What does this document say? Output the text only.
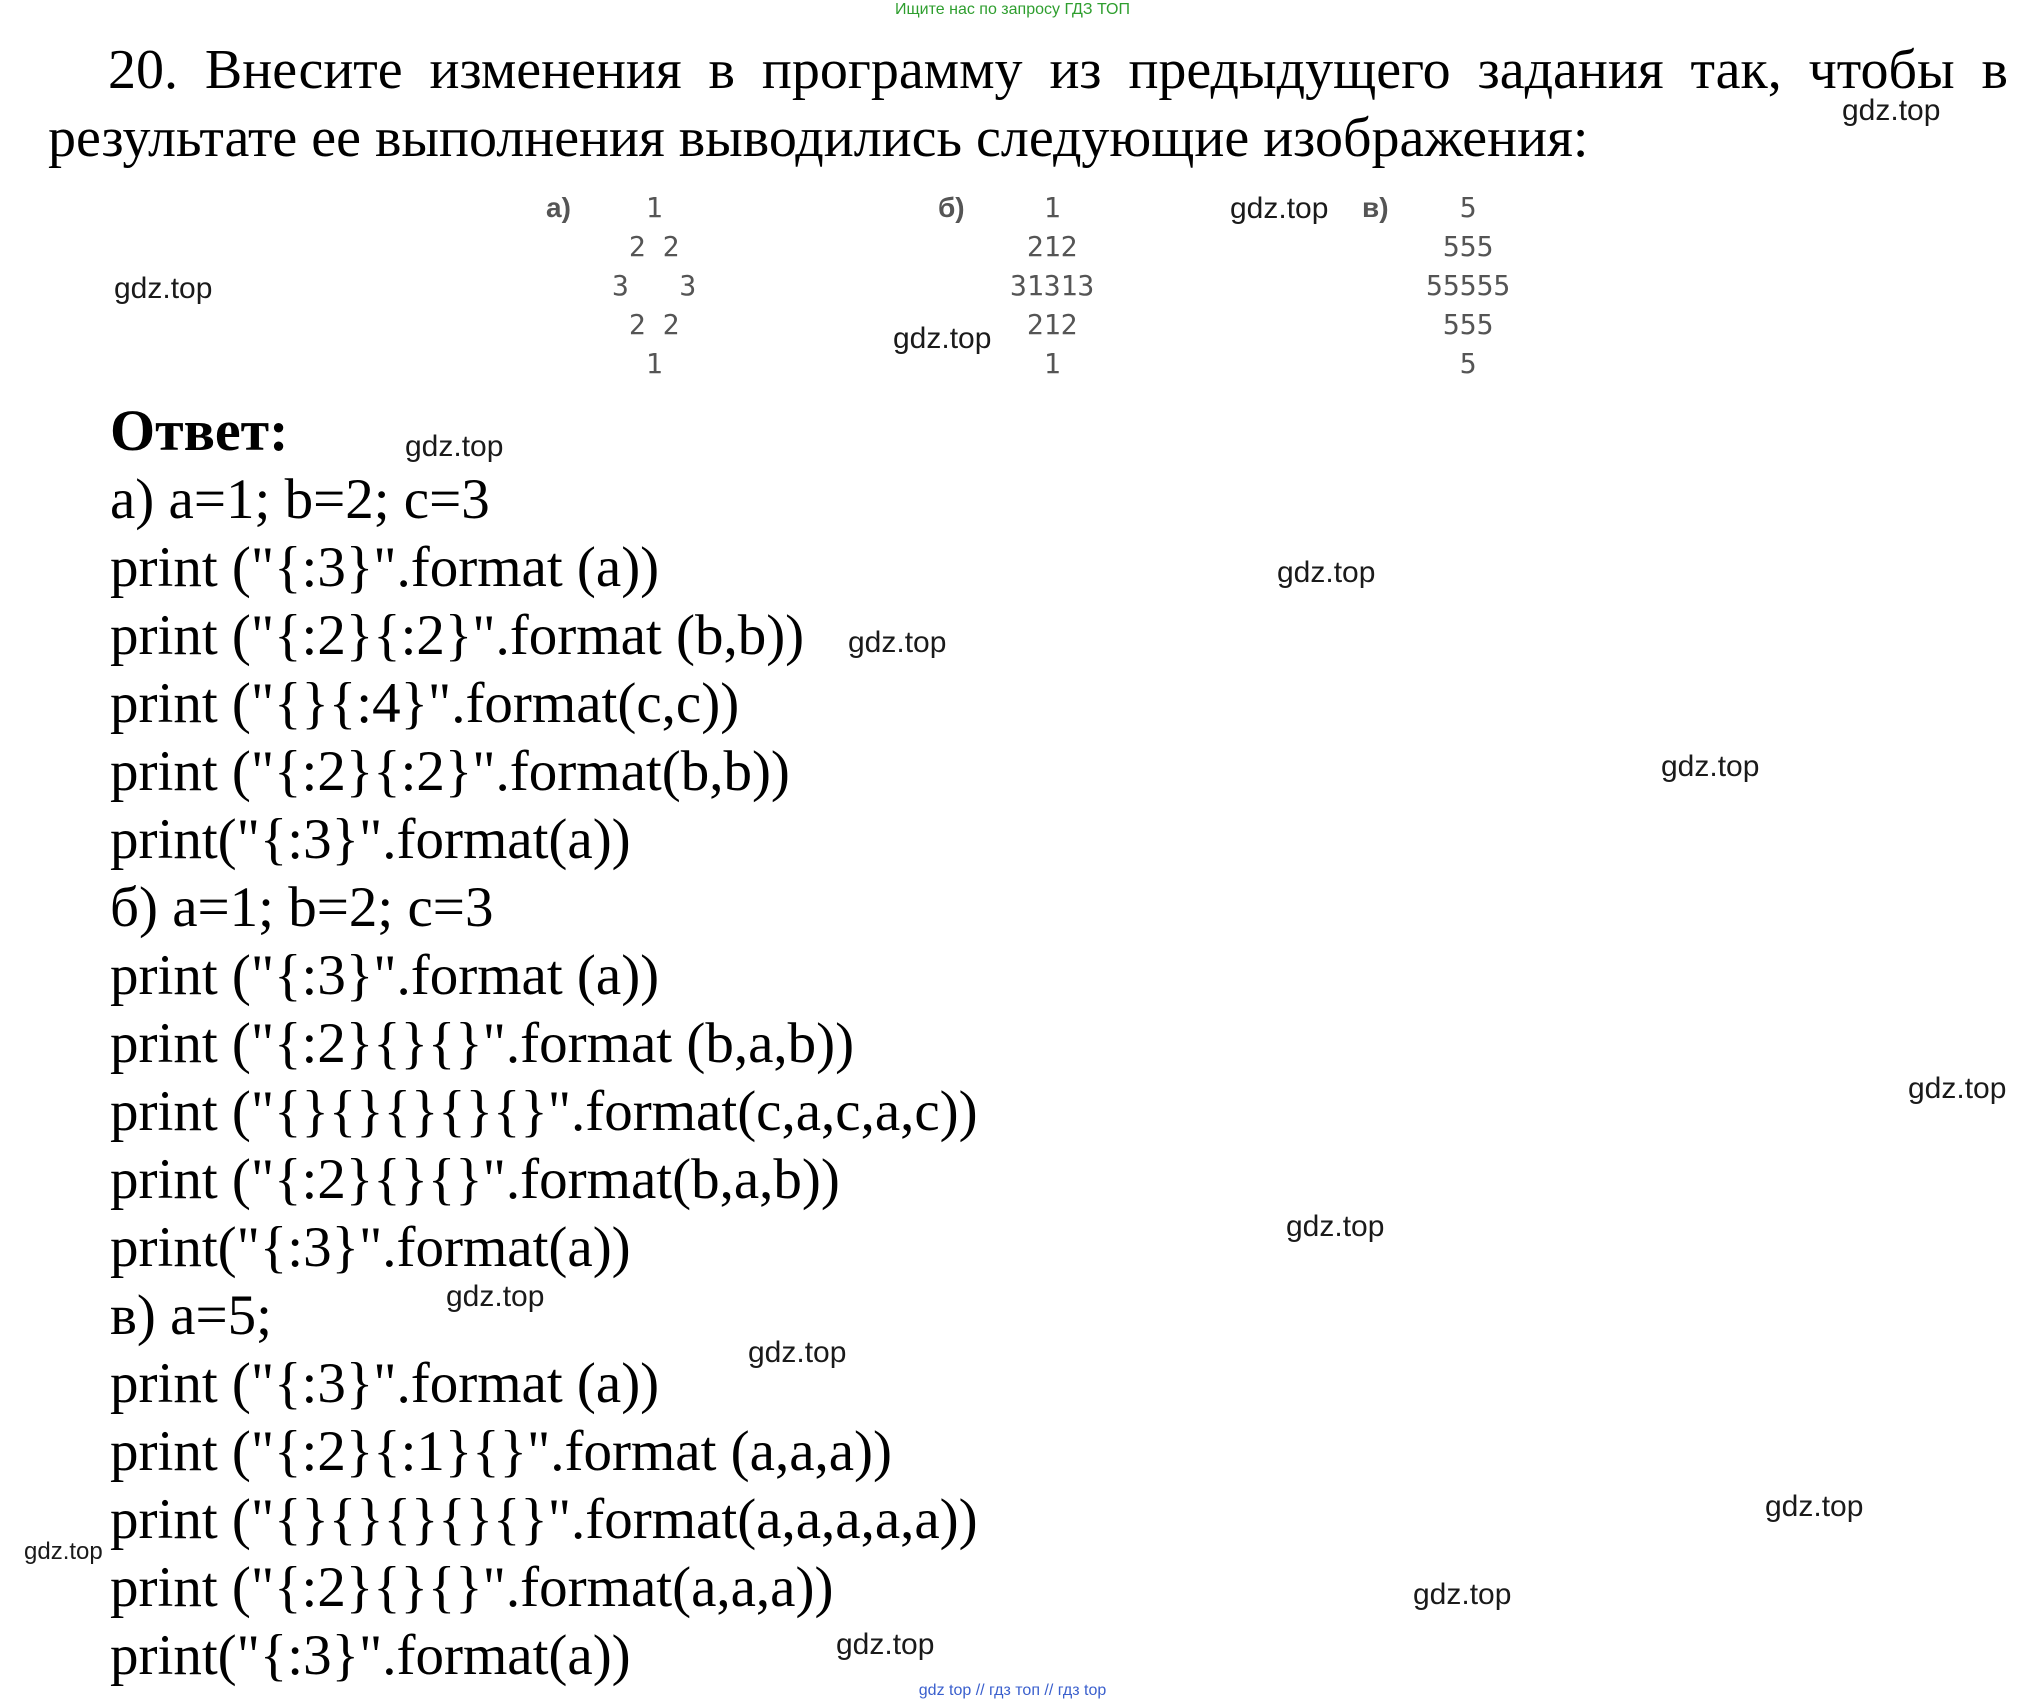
Ищите нас по запросу ГДЗ ТОП
20. Внесите изменения в программу из предыдущего задания так, чтобы в результате ее выполнения выводились следующие изображения:
а) 1
2 2
3   3
2 2
1
б) 1
212
31313
212
1
в) 5
555
55555
555
5
Ответ:
а) a=1; b=2; c=3
print ("{:3}".format (a))
print ("{:2}{:2}".format (b,b))
print ("{}{:4}".format(c,c))
print ("{:2}{:2}".format(b,b))
print("{:3}".format(a))
б) a=1; b=2; c=3
print ("{:3}".format (a))
print ("{:2}{}{}".format (b,a,b))
print ("{}{}{}{}{}".format(c,a,c,a,c))
print ("{:2}{}{}".format(b,a,b))
print("{:3}".format(a))
в) a=5;
print ("{:3}".format (a))
print ("{:2}{:1}{}".format (a,a,a))
print ("{}{}{}{}{}".format(a,a,a,a,a))
print ("{:2}{}{}".format(a,a,a))
print("{:3}".format(a))
gdz.top
gdz.top
gdz.top
gdz.top
gdz.top
gdz.top
gdz.top
gdz.top
gdz.top
gdz.top
gdz.top
gdz.top
gdz.top
gdz.top
gdz.top
gdz.top
gdz top // гдз топ // гдз top
